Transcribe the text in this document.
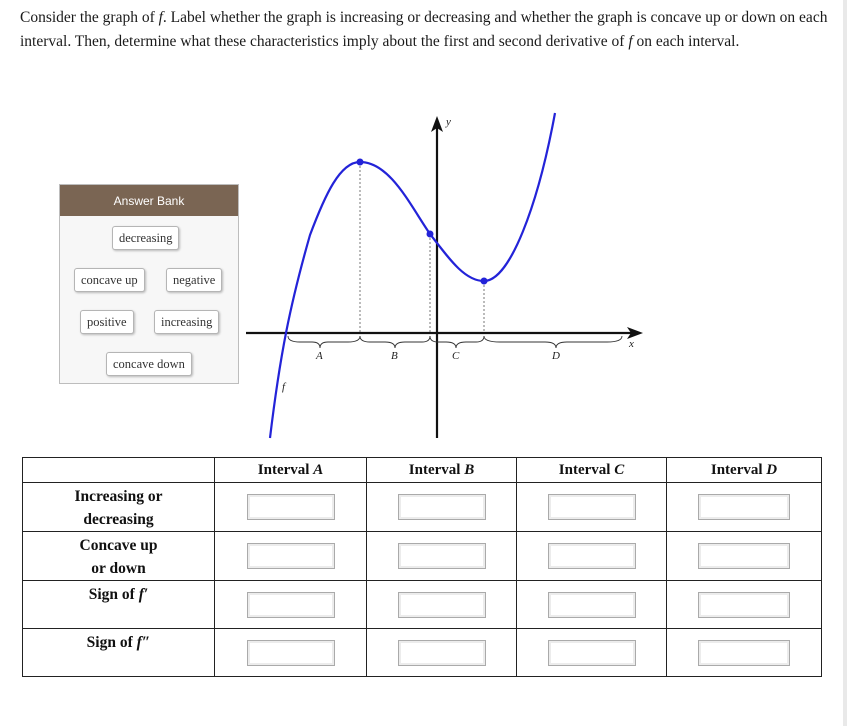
Consider the graph of f. Label whether the graph is increasing or decreasing and whether the graph is concave up or down on each interval. Then, determine what these characteristics imply about the first and second derivative of f on each interval.
Answer Bank
decreasing
concave up	negative
positive	increasing
concave down
y
x
A	B	C	D
f
	Interval A	Interval B	Interval C	Interval D
Increasing or decreasing				
Concave up or down				
Sign of f′				
Sign of f″				
